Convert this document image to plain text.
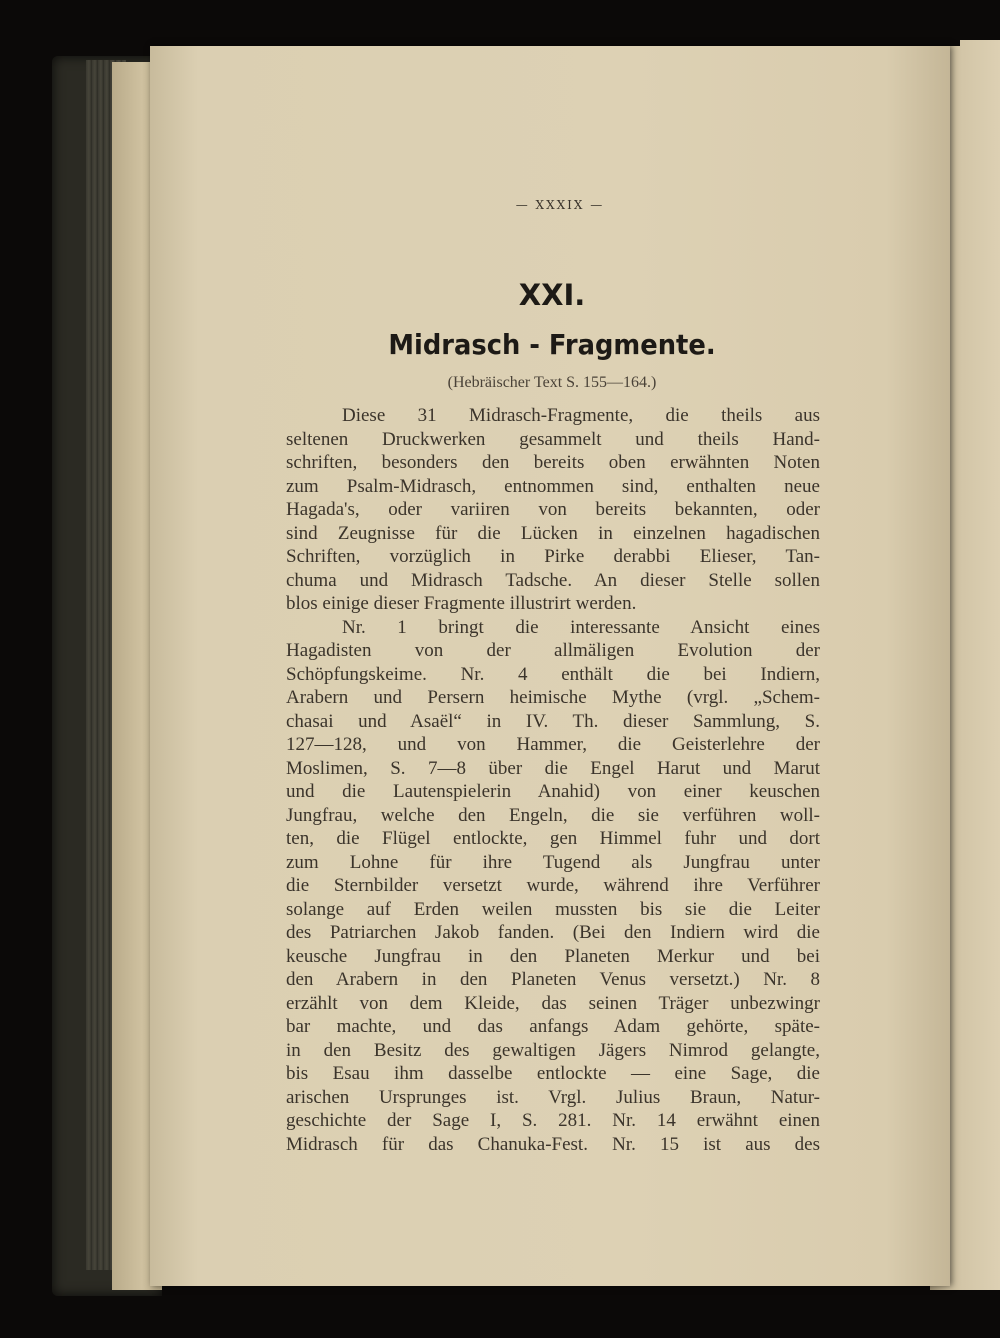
— XXXIX —
XXI.
Midrasch - Fragmente.
(Hebräischer Text S. 155—164.)
Diese 31 Midrasch-Fragmente, die theils aus
seltenen Druckwerken gesammelt und theils Hand-
schriften, besonders den bereits oben erwähnten Noten
zum Psalm-Midrasch, entnommen sind, enthalten neue
Hagada's, oder variiren von bereits bekannten, oder
sind Zeugnisse für die Lücken in einzelnen hagadischen
Schriften, vorzüglich in Pirke derabbi Elieser, Tan-
chuma und Midrasch Tadsche. An dieser Stelle sollen
blos einige dieser Fragmente illustrirt werden.
Nr. 1 bringt die interessante Ansicht eines
Hagadisten von der allmäligen Evolution der
Schöpfungskeime. Nr. 4 enthält die bei Indiern,
Arabern und Persern heimische Mythe (vrgl. „Schem-
chasai und Asaël“ in IV. Th. dieser Sammlung, S.
127—128, und von Hammer, die Geisterlehre der
Moslimen, S. 7—8 über die Engel Harut und Marut
und die Lautenspielerin Anahid) von einer keuschen
Jungfrau, welche den Engeln, die sie verführen woll-
ten, die Flügel entlockte, gen Himmel fuhr und dort
zum Lohne für ihre Tugend als Jungfrau unter
die Sternbilder versetzt wurde, während ihre Verführer
solange auf Erden weilen mussten bis sie die Leiter
des Patriarchen Jakob fanden. (Bei den Indiern wird die
keusche Jungfrau in den Planeten Merkur und bei
den Arabern in den Planeten Venus versetzt.) Nr. 8
erzählt von dem Kleide, das seinen Träger unbezwingr
bar machte, und das anfangs Adam gehörte, späte-
in den Besitz des gewaltigen Jägers Nimrod gelangte,
bis Esau ihm dasselbe entlockte — eine Sage, die
arischen Ursprunges ist. Vrgl. Julius Braun, Natur-
geschichte der Sage I, S. 281. Nr. 14 erwähnt einen
Midrasch für das Chanuka-Fest. Nr. 15 ist aus des
